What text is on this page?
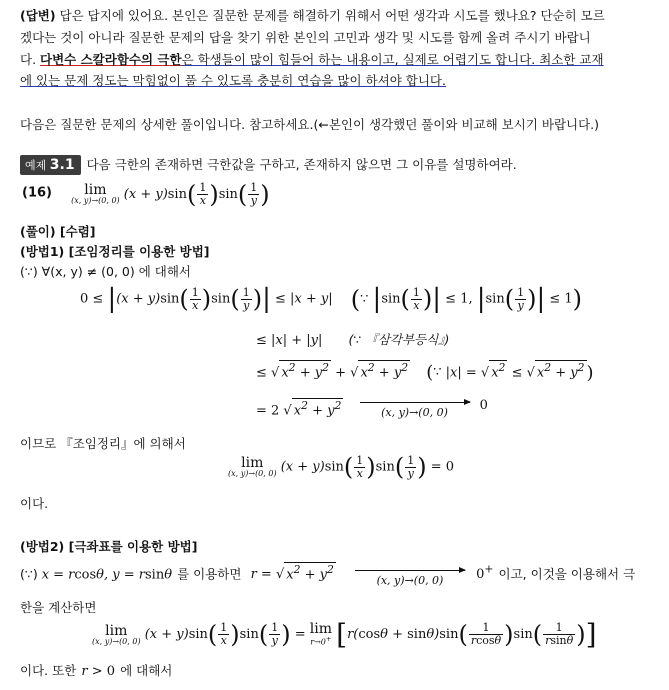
(답변) 답은 답지에 있어요. 본인은 질문한 문제를 해결하기 위해서 어떤 생각과 시도를 했나요? 단순히 모르
겠다는 것이 아니라 질문한 문제의 답을 찾기 위한 본인의 고민과 생각 및 시도를 함께 올려 주시기 바랍니
다. 다변수 스칼라함수의 극한은 학생들이 많이 힘들어 하는 내용이고, 실제로 어렵기도 합니다. 최소한 교재
에 있는 문제 정도는 막힘없이 풀 수 있도록 충분히 연습을 많이 하셔야 합니다.
다음은 질문한 문제의 상세한 풀이입니다. 참고하세요.(←본인이 생각했던 풀이와 비교해 보시기 바랍니다.)
예제 3.1 다음 극한의 존재하면 극한값을 구하고, 존재하지 않으면 그 이유를 설명하여라.
(16)	lim
(x, y)→(0, 0) $(x + y)\sin( \frac{1}{x} )\sin( \frac{1}{y}$ )
(풀이) [수렴]
(방법1) [조임정리를 이용한 방법]
(∵) ∀(x, y) ≠ (0, 0) 에 대해서
$0 \le |(x + y)\sin( \frac{1}{x} )\sin( \frac{1}{y}$ )| ≤ |x + y| (∵ $|\sin( \frac{1}{x}$ )| ≤ 1, $|\sin( \frac{1}{y}$ )| ≤ 1)
≤ |x| + |y| (∵ 『삼각부등식』)
≤ √ $x^2 + y^2$ + √ $x^2 + y^2$ (∵ |x| = √ $x^2$ ≤ √ $x^2 + y^2$ )
= 2 √ $x^2 + y^2$
(x, y)→(0, 0)	0
이므로 『조임정리』에 의해서
lim
(x, y)→(0, 0) $(x + y)\sin( \frac{1}{x} )\sin( \frac{1}{y}$ ) = 0
이다.
(방법2) [극좌표를 이용한 방법]
(∵) x = rcosθ, y = rsinθ 를 이용하면 r = √ $x^2 + y^2$
(x, y)→(0, 0)	0+ 이고, 이것을 이용해서 극
한을 계산하면
lim
(x, y)→(0, 0) $(x + y)\sin( \frac{1}{x} )\sin( \frac{1}{y}$ ) = lim
r→0+ [$r(\cos\theta + \sin\theta)\sin( \frac{1}{rcos\theta} )\sin( \frac{1}{rsin\theta}$ )]
이다. 또한 r > 0 에 대해서
